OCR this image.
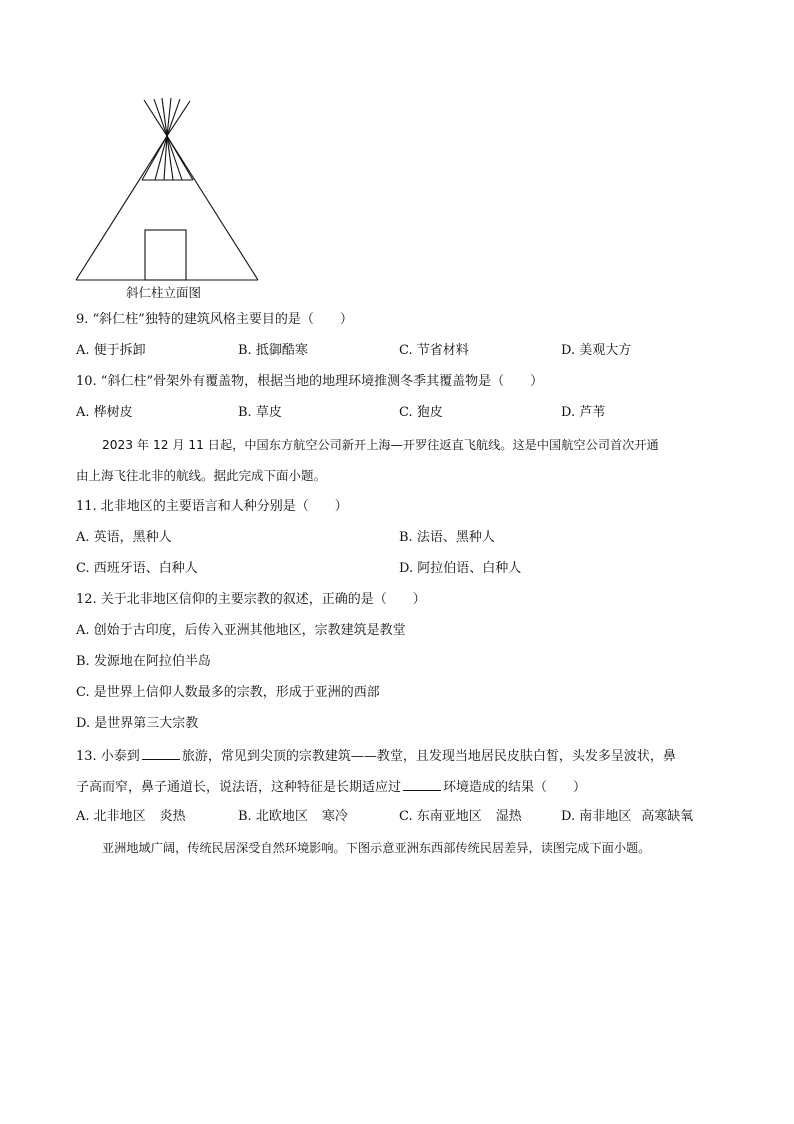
斜仁柱立面图
9. “斜仁柱”独特的建筑风格主要目的是（　　）
A. 便于拆卸	B. 抵御酷寒	C. 节省材料	D. 美观大方
10. “斜仁柱”骨架外有覆盖物，根据当地的地理环境推测冬季其覆盖物是（　　）
A. 桦树皮	B. 草皮	C. 狍皮	D. 芦苇
2023 年 12 月 11 日起，中国东方航空公司新开上海—开罗往返直飞航线。这是中国航空公司首次开通
由上海飞往北非的航线。据此完成下面小题。
11. 北非地区的主要语言和人种分别是（　　）
A. 英语，黑种人	B. 法语、黑种人
C. 西班牙语、白种人	D. 阿拉伯语、白种人
12. 关于北非地区信仰的主要宗教的叙述，正确的是（　　）
A. 创始于古印度，后传入亚洲其他地区，宗教建筑是教堂
B. 发源地在阿拉伯半岛
C. 是世界上信仰人数最多的宗教，形成于亚洲的西部
D. 是世界第三大宗教
13. 小泰到	旅游，常见到尖顶的宗教建筑——教堂，且发现当地居民皮肤白皙，头发多呈波状，鼻
子高而窄，鼻子通道长，说法语，这种特征是长期适应过	环境造成的结果（　　）
A. 北非地区 炎热	B. 北欧地区 寒冷	C. 东南亚地区 湿热	D. 南非地区 高寒缺氧
亚洲地域广阔，传统民居深受自然环境影响。下图示意亚洲东西部传统民居差异，读图完成下面小题。
